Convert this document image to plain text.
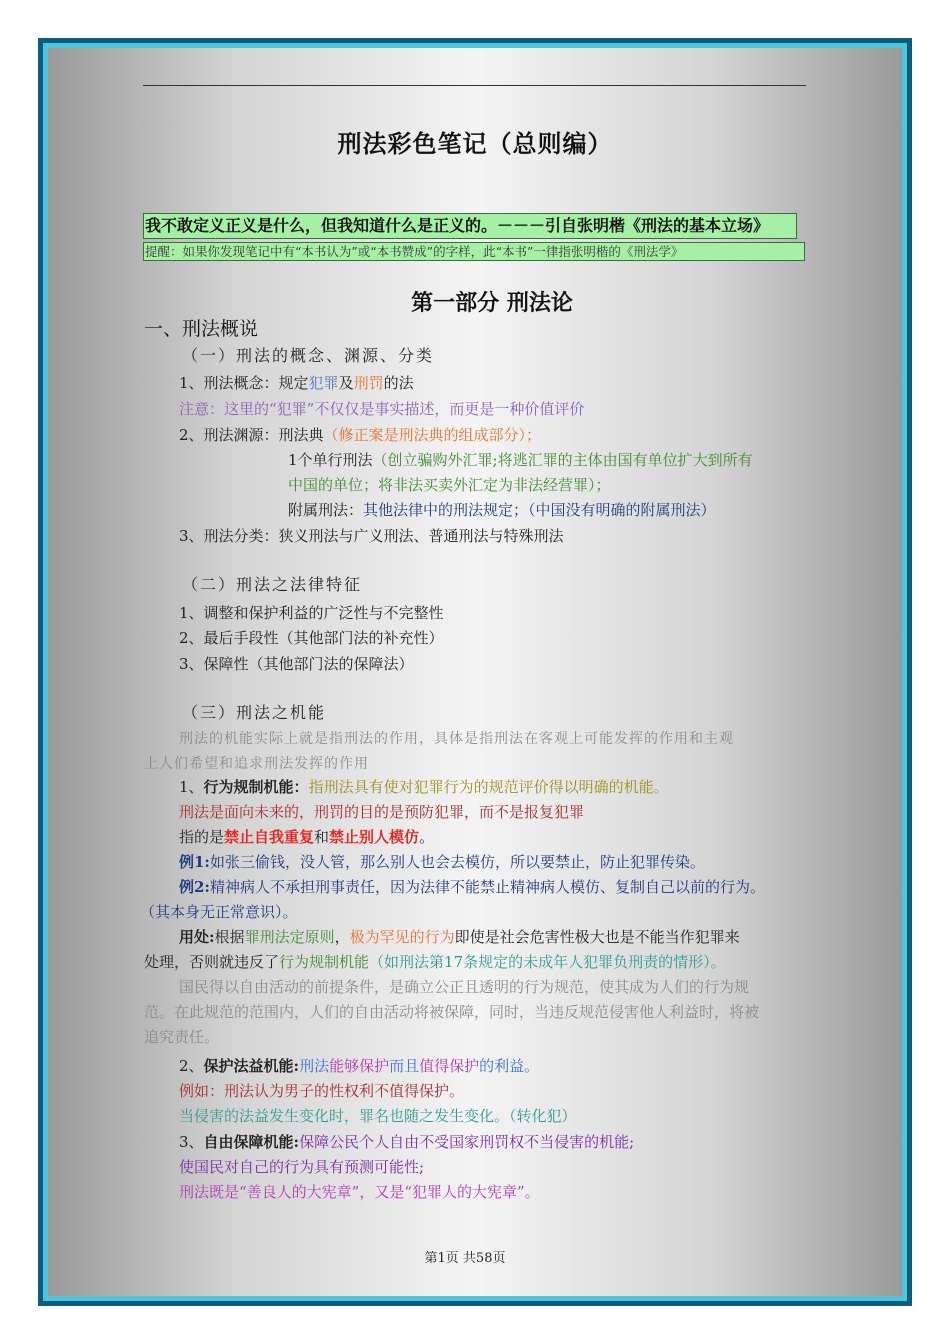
刑法彩色笔记（总则编）
我不敢定义正义是什么，但我知道什么是正义的。－－－引自张明楷《刑法的基本立场》
提醒：如果你发现笔记中有“本书认为”或“本书赞成”的字样，此“本书”一律指张明楷的《刑法学》
第一部分 刑法论
一、刑法概说
（一）刑法的概念、渊源、分类
1、刑法概念：规定犯罪及刑罚的法
注意：这里的“犯罪”不仅仅是事实描述，而更是一种价值评价
2、刑法渊源：刑法典（修正案是刑法典的组成部分）；
1个单行刑法（创立骗购外汇罪;将逃汇罪的主体由国有单位扩大到所有
中国的单位；将非法买卖外汇定为非法经营罪）；
附属刑法：其他法律中的刑法规定；（中国没有明确的附属刑法）
3、刑法分类：狭义刑法与广义刑法、普通刑法与特殊刑法
（二）刑法之法律特征
1、调整和保护利益的广泛性与不完整性
2、最后手段性（其他部门法的补充性）
3、保障性（其他部门法的保障法）
（三）刑法之机能
刑法的机能实际上就是指刑法的作用，具体是指刑法在客观上可能发挥的作用和主观
上人们希望和追求刑法发挥的作用
1、行为规制机能：指刑法具有使对犯罪行为的规范评价得以明确的机能。
刑法是面向未来的，刑罚的目的是预防犯罪，而不是报复犯罪
指的是禁止自我重复和禁止别人模仿。
例1:如张三偷钱，没人管，那么别人也会去模仿，所以要禁止，防止犯罪传染。
例2:精神病人不承担刑事责任，因为法律不能禁止精神病人模仿、复制自己以前的行为。
（其本身无正常意识）。
用处:根据罪刑法定原则，极为罕见的行为即使是社会危害性极大也是不能当作犯罪来
处理，否则就违反了行为规制机能（如刑法第17条规定的未成年人犯罪负刑责的情形）。
国民得以自由活动的前提条件，是确立公正且透明的行为规范，使其成为人们的行为规
范。在此规范的范围内，人们的自由活动将被保障，同时，当违反规范侵害他人利益时，将被
追究责任。
2、保护法益机能:刑法能够保护而且值得保护的利益。
例如：刑法认为男子的性权利不值得保护。
当侵害的法益发生变化时，罪名也随之发生变化。（转化犯）
3、自由保障机能:保障公民个人自由不受国家刑罚权不当侵害的机能;
使国民对自己的行为具有预测可能性;
刑法既是“善良人的大宪章”，又是“犯罪人的大宪章”。
第1页 共58页
